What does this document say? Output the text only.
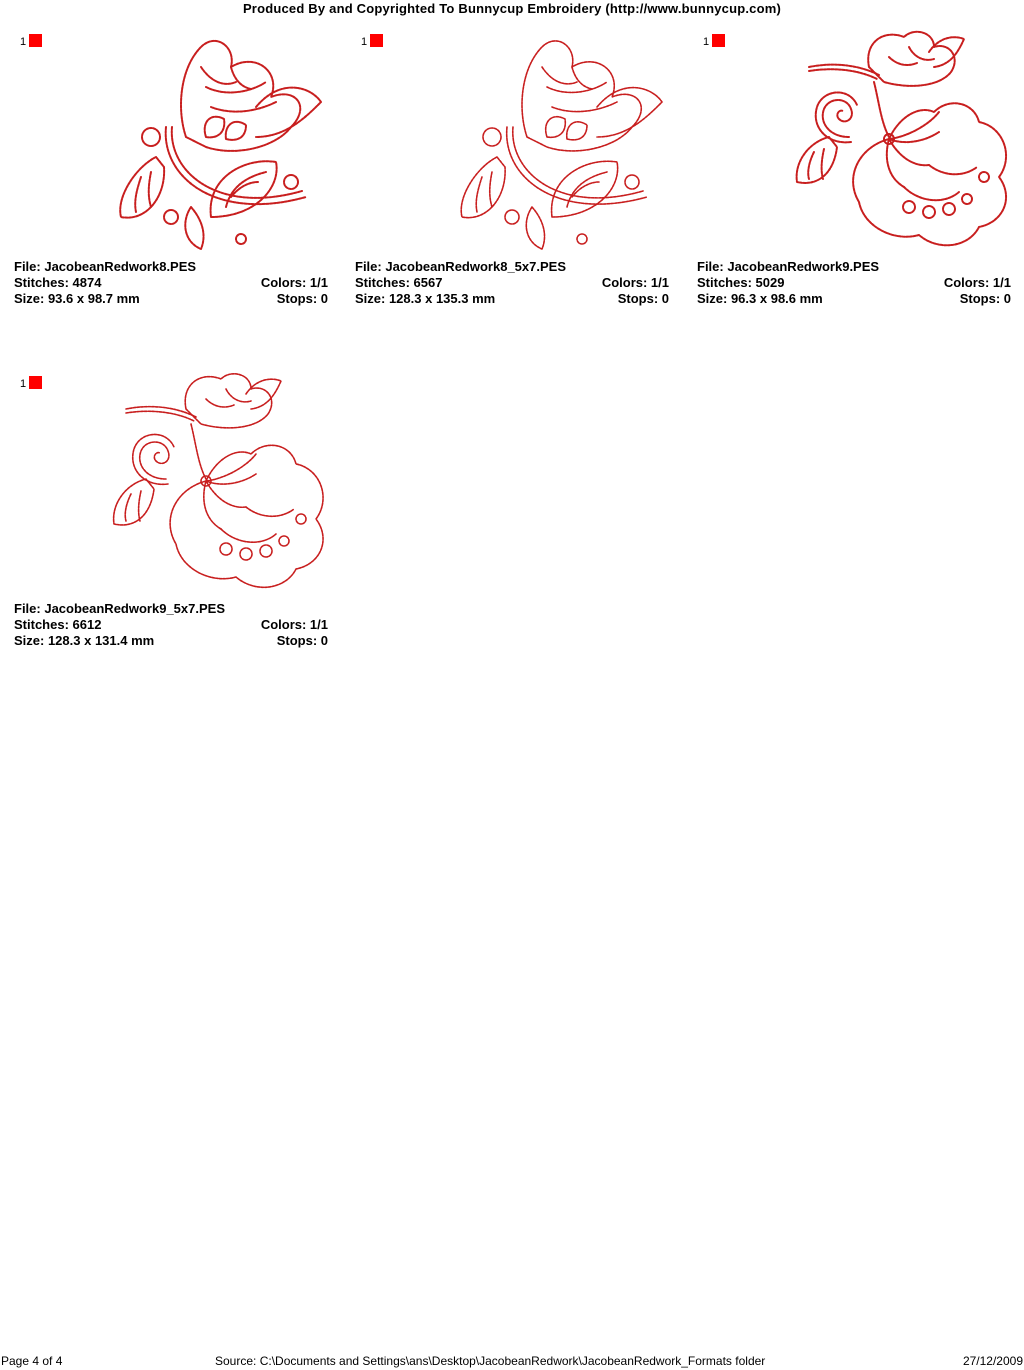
Produced By and Copyrighted To Bunnycup Embroidery (http://www.bunnycup.com)
1
File: JacobeanRedwork8.PES
Stitches: 4874	Colors: 1/1
Size: 93.6 x 98.7 mm	Stops: 0
1
File: JacobeanRedwork8_5x7.PES
Stitches: 6567	Colors: 1/1
Size: 128.3 x 135.3 mm	Stops: 0
1
File: JacobeanRedwork9.PES
Stitches: 5029	Colors: 1/1
Size: 96.3 x 98.6 mm	Stops: 0
1
File: JacobeanRedwork9_5x7.PES
Stitches: 6612	Colors: 1/1
Size: 128.3 x 131.4 mm	Stops: 0
Page 4 of 4	Source: C:\Documents and Settings\ans\Desktop\JacobeanRedwork\JacobeanRedwork_Formats folder	27/12/2009
